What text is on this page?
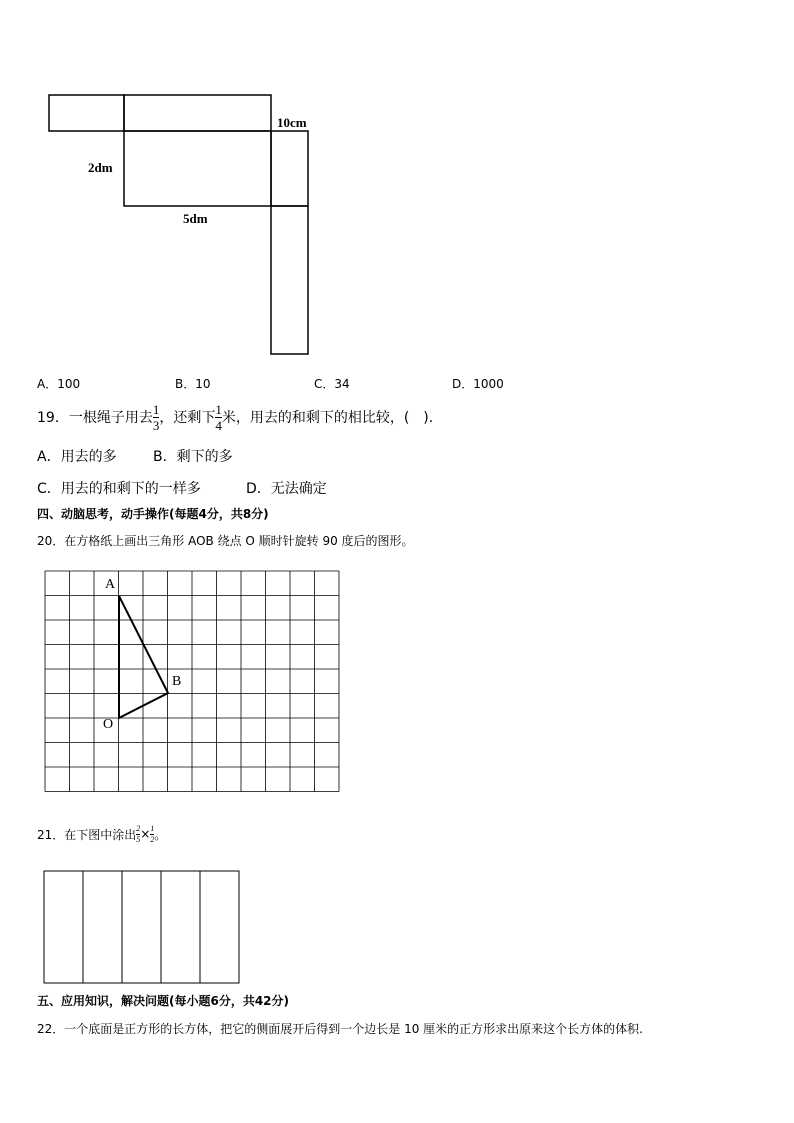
10cm
2dm
5dm
A．100	B．10	C．34	D．1000
19．一根绳子用去 $\frac{1}{3}$ ，还剩下 $\frac{1}{4}$ 米，用去的和剩下的相比较，(　).
A．用去的多	B．剩下的多
C．用去的和剩下的一样多	D．无法确定
四、动脑思考，动手操作(每题4分，共8分)
20．在方格纸上画出三角形 AOB 绕点 O 顺时针旋转 90 度后的图形。
A
B
O
21．在下图中涂出 $\frac{2}{5} \times \frac{1}{2}$ 。
五、应用知识，解决问题(每小题6分，共42分)
22．一个底面是正方形的长方体，把它的侧面展开后得到一个边长是 10 厘米的正方形求出原来这个长方体的体积.
